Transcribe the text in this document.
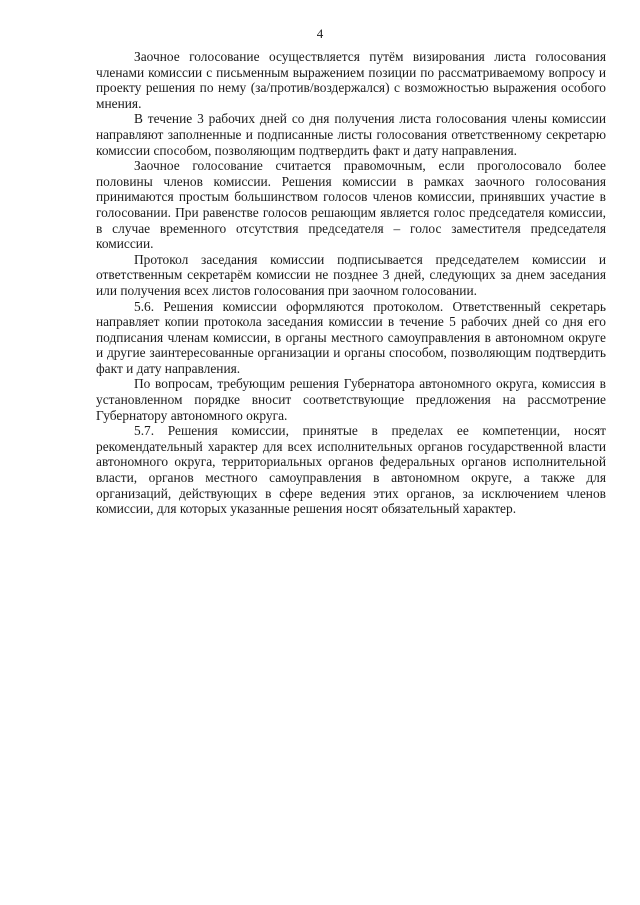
4

Заочное голосование осуществляется путём визирования листа голосования членами комиссии с письменным выражением позиции по рассматриваемому вопросу и проекту решения по нему (за/против/воздержался) с возможностью выражения особого мнения.

В течение 3 рабочих дней со дня получения листа голосования члены комиссии направляют заполненные и подписанные листы голосования ответственному секретарю комиссии способом, позволяющим подтвердить факт и дату направления.

Заочное голосование считается правомочным, если проголосовало более половины членов комиссии. Решения комиссии в рамках заочного голосования принимаются простым большинством голосов членов комиссии, принявших участие в голосовании. При равенстве голосов решающим является голос председателя комиссии, в случае временного отсутствия председателя – голос заместителя председателя комиссии.

Протокол заседания комиссии подписывается председателем комиссии и ответственным секретарём комиссии не позднее 3 дней, следующих за днем заседания или получения всех листов голосования при заочном голосовании.

5.6. Решения комиссии оформляются протоколом. Ответственный секретарь направляет копии протокола заседания комиссии в течение 5 рабочих дней со дня его подписания членам комиссии, в органы местного самоуправления в автономном округе и другие заинтересованные организации и органы способом, позволяющим подтвердить факт и дату направления.

По вопросам, требующим решения Губернатора автономного округа, комиссия в установленном порядке вносит соответствующие предложения на рассмотрение Губернатору автономного округа.

5.7. Решения комиссии, принятые в пределах ее компетенции, носят рекомендательный характер для всех исполнительных органов государственной власти автономного округа, территориальных органов федеральных органов исполнительной власти, органов местного самоуправления в автономном округе, а также для организаций, действующих в сфере ведения этих органов, за исключением членов комиссии, для которых указанные решения носят обязательный характер.
